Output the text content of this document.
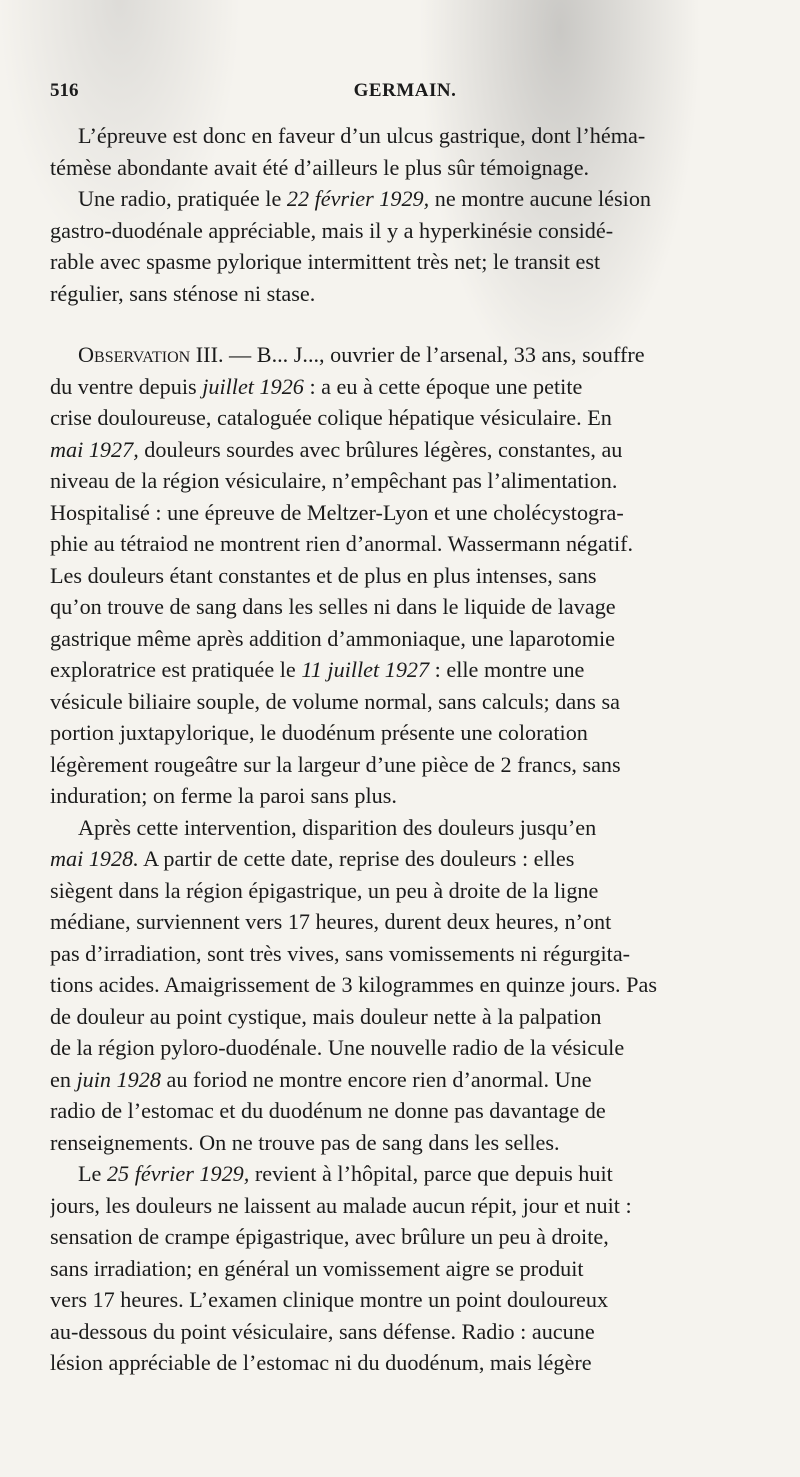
516	GERMAIN.
L’épreuve est donc en faveur d’un ulcus gastrique, dont l’héma-
témèse abondante avait été d’ailleurs le plus sûr témoignage.
Une radio, pratiquée le 22 février 1929, ne montre aucune lésion
gastro-duodénale appréciable, mais il y a hyperkinésie considé-
rable avec spasme pylorique intermittent très net; le transit est
régulier, sans sténose ni stase.
Observation III. — B... J..., ouvrier de l’arsenal, 33 ans, souffre
du ventre depuis juillet 1926 : a eu à cette époque une petite
crise douloureuse, cataloguée colique hépatique vésiculaire. En
mai 1927, douleurs sourdes avec brûlures légères, constantes, au
niveau de la région vésiculaire, n’empêchant pas l’alimentation.
Hospitalisé : une épreuve de Meltzer-Lyon et une cholécystogra-
phie au tétraiod ne montrent rien d’anormal. Wassermann négatif.
Les douleurs étant constantes et de plus en plus intenses, sans
qu’on trouve de sang dans les selles ni dans le liquide de lavage
gastrique même après addition d’ammoniaque, une laparotomie
exploratrice est pratiquée le 11 juillet 1927 : elle montre une
vésicule biliaire souple, de volume normal, sans calculs; dans sa
portion juxtapylorique, le duodénum présente une coloration
légèrement rougeâtre sur la largeur d’une pièce de 2 francs, sans
induration; on ferme la paroi sans plus.
Après cette intervention, disparition des douleurs jusqu’en
mai 1928. A partir de cette date, reprise des douleurs : elles
siègent dans la région épigastrique, un peu à droite de la ligne
médiane, surviennent vers 17 heures, durent deux heures, n’ont
pas d’irradiation, sont très vives, sans vomissements ni régurgita-
tions acides. Amaigrissement de 3 kilogrammes en quinze jours. Pas
de douleur au point cystique, mais douleur nette à la palpation
de la région pyloro-duodénale. Une nouvelle radio de la vésicule
en juin 1928 au foriod ne montre encore rien d’anormal. Une
radio de l’estomac et du duodénum ne donne pas davantage de
renseignements. On ne trouve pas de sang dans les selles.
Le 25 février 1929, revient à l’hôpital, parce que depuis huit
jours, les douleurs ne laissent au malade aucun répit, jour et nuit :
sensation de crampe épigastrique, avec brûlure un peu à droite,
sans irradiation; en général un vomissement aigre se produit
vers 17 heures. L’examen clinique montre un point douloureux
au-dessous du point vésiculaire, sans défense. Radio : aucune
lésion appréciable de l’estomac ni du duodénum, mais légère
